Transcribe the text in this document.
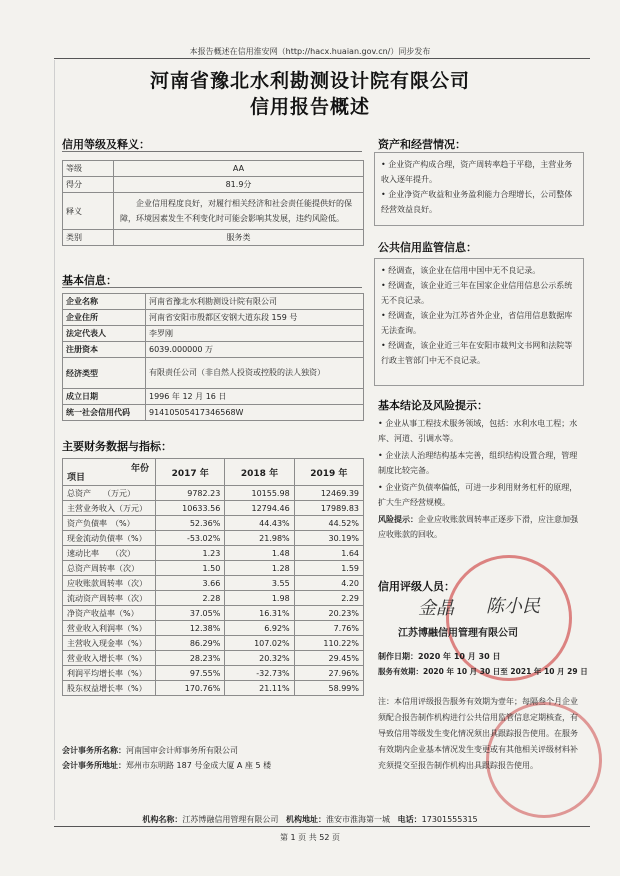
本报告概述在信用淮安网（http://hacx.huaian.gov.cn/）同步发布
河南省豫北水利勘测设计院有限公司
信用报告概述
信用等级及释义：
等级	AA
得分	81.9分
释义	企业信用程度良好，对履行相关经济和社会责任能提供好的保障，环境因素发生不利变化时可能会影响其发展，违约风险低。
类别	服务类
基本信息：
企业名称	河南省豫北水利勘测设计院有限公司
企业住所	河南省安阳市殷都区安钢大道东段 159 号
法定代表人	李罗刚
注册资本	6039.000000 万
经济类型	有限责任公司（非自然人投资或控股的法人独资）
成立日期	1996 年 12 月 16 日
统一社会信用代码	91410505417346568W
主要财务数据与指标：
年份
项目	2017 年	2018 年	2019 年
总资产　　（万元）	9782.23	10155.98	12469.39
主营业务收入（万元）	10633.56	12794.46	17989.83
资产负债率　（%）	52.36%	44.43%	44.52%
现金流动负债率（%）	-53.02%	21.98%	30.19%
速动比率　　（次）	1.23	1.48	1.64
总资产周转率（次）	1.50	1.28	1.59
应收账款周转率（次）	3.66	3.55	4.20
流动资产周转率（次）	2.28	1.98	2.29
净资产收益率（%）	37.05%	16.31%	20.23%
营业收入利润率（%）	12.38%	6.92%	7.76%
主营收入现金率（%）	86.29%	107.02%	110.22%
营业收入增长率（%）	28.23%	20.32%	29.45%
利润平均增长率（%）	97.55%	-32.73%	27.96%
股东权益增长率（%）	170.76%	21.11%	58.99%
会计事务所名称：河南国审会计师事务所有限公司
会计事务所地址：郑州市东明路 187 号金成大厦 A 座 5 楼
资产和经营情况：

• 企业资产构成合理，资产周转率趋于平稳，主营业务收入逐年提升。

• 企业净资产收益和业务盈利能力合理增长，公司整体经营效益良好。

公共信用监管信息：

• 经调查，该企业在信用中国中无不良记录。

• 经调查，该企业近三年在国家企业信用信息公示系统无不良记录。

• 经调查，该企业为江苏省外企业，省信用信息数据库无法查询。

• 经调查，该企业近三年在安阳市裁判文书网和法院等行政主管部门中无不良记录。

基本结论及风险提示：

• 企业从事工程技术服务领域，包括：水利水电工程；水库、河道、引调水等。

• 企业法人治理结构基本完善，组织结构设置合理，管理制度比较完备。

• 企业资产负债率偏低，可进一步利用财务杠杆的原理，扩大生产经营规模。

风险提示：企业应收账款周转率正逐步下滑，应注意加强应收账款的回收。

信用评级人员：
金晶 陈小民
江苏博融信用管理有限公司
制作日期：2020 年 10 月 30 日
服务有效期：2020 年 10 月 30 日至 2021 年 10 月 29 日
注：本信用评级报告服务有效期为壹年；每隔叁个月企业须配合报告制作机构进行公共信用监管信息定期核查，有导致信用等级发生变化情况须出具跟踪报告使用。在服务有效期内企业基本情况发生变更或有其他相关评级材料补充须提交至报告制作机构出具跟踪报告使用。
机构名称：江苏博融信用管理有限公司 机构地址：淮安市淮海第一城 电话：17301555315
第 1 页 共 52 页
